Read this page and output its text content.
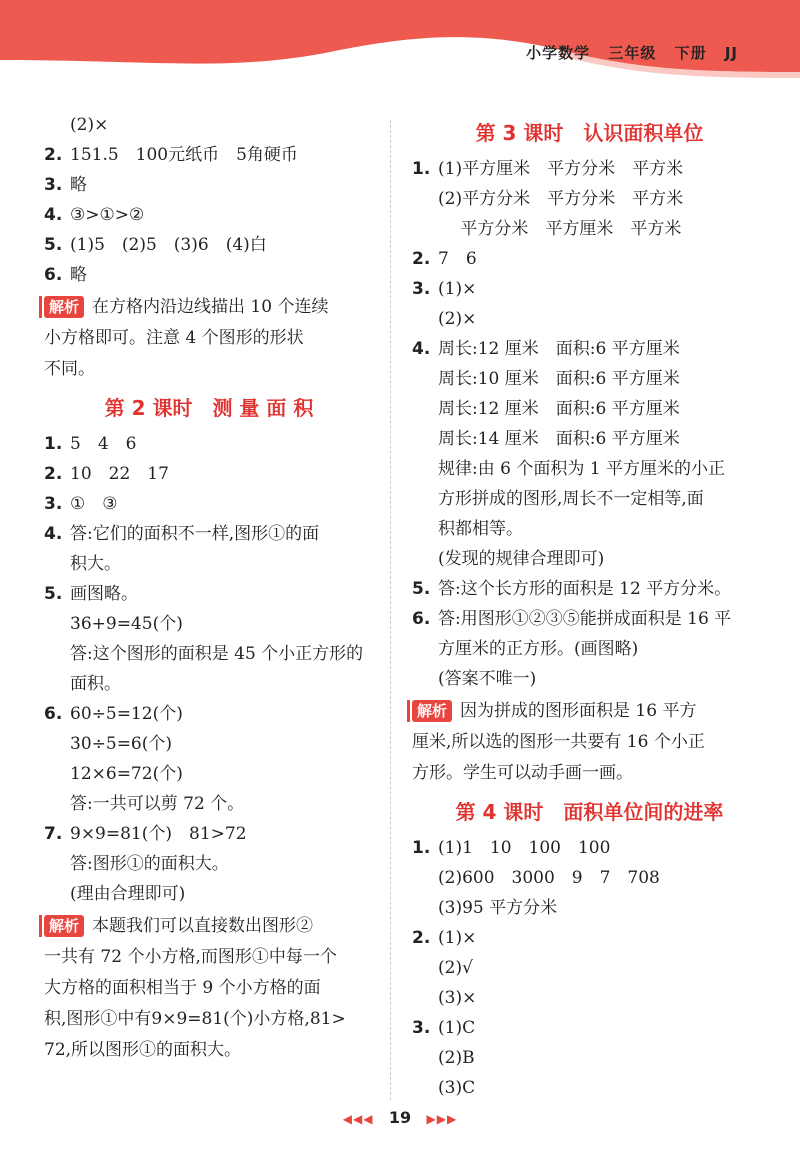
小学数学 三年级 下册 JJ
(2)×
2. 151.5　100元纸币　5角硬币
3. 略
4. ③>①>②
5. (1)5　(2)5　(3)6　(4)白
6. 略
解析 在方格内沿边线描出 10 个连续
小方格即可。注意 4 个图形的形状
不同。
第 2 课时　测 量 面 积
1. 5　4　6
2. 10　22　17
3. ①　③
4. 答:它们的面积不一样,图形①的面
积大。
5. 画图略。
36+9=45(个)
答:这个图形的面积是 45 个小正方形的
面积。
6. 60÷5=12(个)
30÷5=6(个)
12×6=72(个)
答:一共可以剪 72 个。
7. 9×9=81(个)　81>72
答:图形①的面积大。
(理由合理即可)
解析 本题我们可以直接数出图形②
一共有 72 个小方格,而图形①中每一个
大方格的面积相当于 9 个小方格的面
积,图形①中有9×9=81(个)小方格,81>
72,所以图形①的面积大。
第 3 课时　认识面积单位
1. (1)平方厘米　平方分米　平方米
(2)平方分米　平方分米　平方米
　 平方分米　平方厘米　平方米
2. 7　6
3. (1)×
(2)×
4. 周长:12 厘米　面积:6 平方厘米
周长:10 厘米　面积:6 平方厘米
周长:12 厘米　面积:6 平方厘米
周长:14 厘米　面积:6 平方厘米
规律:由 6 个面积为 1 平方厘米的小正
方形拼成的图形,周长不一定相等,面
积都相等。
(发现的规律合理即可)
5. 答:这个长方形的面积是 12 平方分米。
6. 答:用图形①②③⑤能拼成面积是 16 平
方厘米的正方形。(画图略)
(答案不唯一)
解析 因为拼成的图形面积是 16 平方
厘米,所以选的图形一共要有 16 个小正
方形。学生可以动手画一画。
第 4 课时　面积单位间的进率
1. (1)1　10　100　100
(2)600　3000　9　7　708
(3)95 平方分米
2. (1)×
(2)√
(3)×
3. (1)C
(2)B
(3)C
◀◀◀ 19 ▶▶▶
